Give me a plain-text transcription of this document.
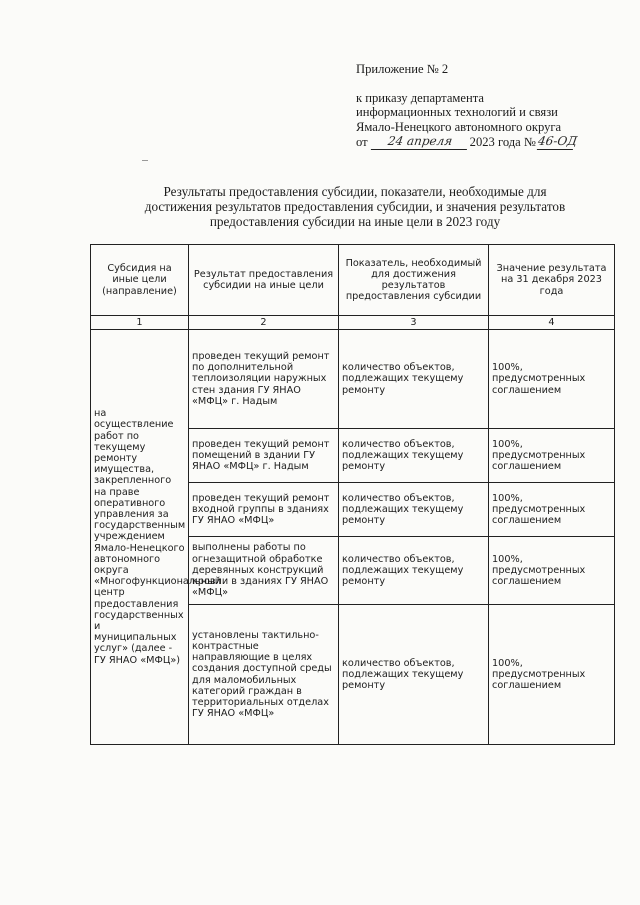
Приложение № 2
к приказу департамента
информационных технологий и связи
Ямало-Ненецкого автономного округа
от	24 апреля	2023 года № 46-ОД
Результаты предоставления субсидии, показатели, необходимые для
достижения результатов предоставления субсидии, и значения результатов
предоставления субсидии на иные цели в 2023 году
Субсидия на иные цели (направление)	Результат предоставления субсидии на иные цели	Показатель, необходимый для достижения результатов предоставления субсидии	Значение результата на 31 декабря 2023 года
1	2	3	4
на осуществление работ по текущему ремонту имущества, закрепленного на праве оперативного управления за государственным учреждением Ямало-Ненецкого автономного округа «Многофункциональный центр предоставления государственных и муниципальных услуг» (далее - ГУ ЯНАО «МФЦ»)	проведен текущий ремонт по дополнительной теплоизоляции наружных стен здания ГУ ЯНАО «МФЦ» г. Надым	количество объектов, подлежащих текущему ремонту	100%, предусмотренных соглашением
	проведен текущий ремонт помещений в здании ГУ ЯНАО «МФЦ» г. Надым	количество объектов, подлежащих текущему ремонту	100%, предусмотренных соглашением
	проведен текущий ремонт входной группы в зданиях ГУ ЯНАО «МФЦ»	количество объектов, подлежащих текущему ремонту	100%, предусмотренных соглашением
	выполнены работы по огнезащитной обработке деревянных конструкций кровли в зданиях ГУ ЯНАО «МФЦ»	количество объектов, подлежащих текущему ремонту	100%, предусмотренных соглашением
	установлены тактильно-контрастные направляющие в целях создания доступной среды для маломобильных категорий граждан в территориальных отделах ГУ ЯНАО «МФЦ»	количество объектов, подлежащих текущему ремонту	100%, предусмотренных соглашением
